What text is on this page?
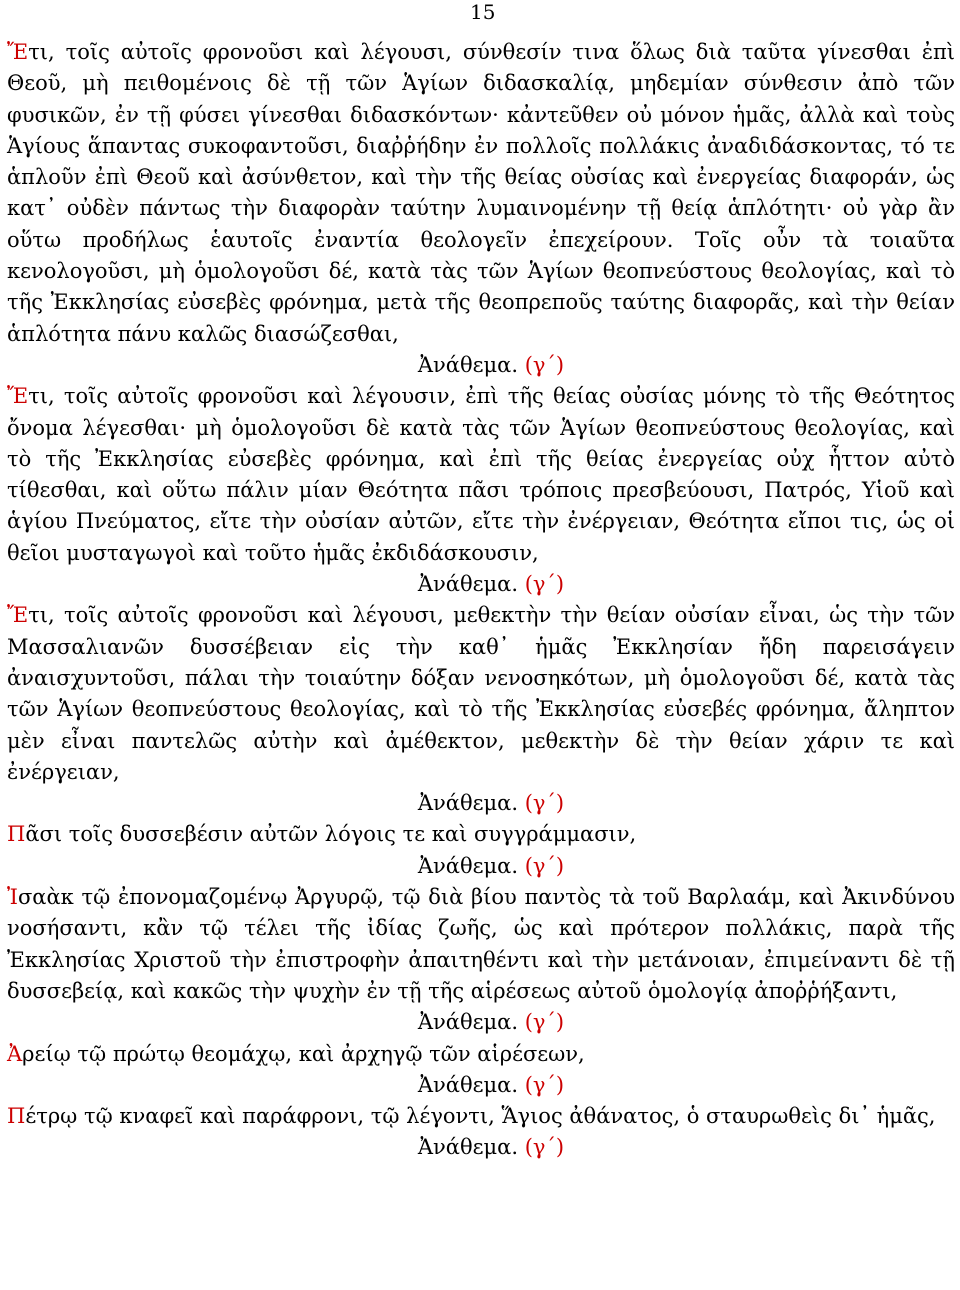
15

Ἔτι, τοῖς αὐτοῖς φρονοῦσι καὶ λέγουσι, σύνθεσίν τινα ὅλως διὰ ταῦτα γίνεσθαι ἐπὶ Θεοῦ, μὴ πειθομένοις δὲ τῇ τῶν Ἁγίων διδασκαλίᾳ, μηδεμίαν σύνθεσιν ἀπὸ τῶν φυσικῶν, ἐν τῇ φύσει γίνεσθαι διδασκόντων· κἀντεῦθεν οὐ μόνον ἡμᾶς, ἀλλὰ καὶ τοὺς Ἁγίους ἅπαντας συκοφαντοῦσι, διαῤῥήδην ἐν πολλοῖς πολλάκις ἀναδιδάσκοντας, τό τε ἁπλοῦν ἐπὶ Θεοῦ καὶ ἀσύνθετον, καὶ τὴν τῆς θείας οὐσίας καὶ ἐνεργείας διαφοράν, ὡς κατ᾽ οὐδὲν πάντως τὴν διαφορὰν ταύτην λυμαινομένην τῇ θείᾳ ἁπλότητι· οὐ γὰρ ἂν οὕτω προδήλως ἑαυτοῖς ἐναντία θεολογεῖν ἐπεχείρουν. Τοῖς οὖν τὰ τοιαῦτα κενολογοῦσι, μὴ ὁμολογοῦσι δέ, κατὰ τὰς τῶν Ἁγίων θεοπνεύστους θεολογίας, καὶ τὸ τῆς Ἐκκλησίας εὐσεβὲς φρόνημα, μετὰ τῆς θεοπρεποῦς ταύτης διαφορᾶς, καὶ τὴν θείαν ἁπλότητα πάνυ καλῶς διασώζεσθαι,

Ἀνάθεμα. (γ´)

Ἔτι, τοῖς αὐτοῖς φρονοῦσι καὶ λέγουσιν, ἐπὶ τῆς θείας οὐσίας μόνης τὸ τῆς Θεότητος ὄνομα λέγεσθαι· μὴ ὁμολογοῦσι δὲ κατὰ τὰς τῶν Ἁγίων θεοπνεύστους θεολογίας, καὶ τὸ τῆς Ἐκκλησίας εὐσεβὲς φρόνημα, καὶ ἐπὶ τῆς θείας ἐνεργείας οὐχ ἧττον αὐτὸ τίθεσθαι, καὶ οὕτω πάλιν μίαν Θεότητα πᾶσι τρόποις πρεσβεύουσι, Πατρός, Υἱοῦ καὶ ἁγίου Πνεύματος, εἴτε τὴν οὐσίαν αὐτῶν, εἴτε τὴν ἐνέργειαν, Θεότητα εἴποι τις, ὡς οἱ θεῖοι μυσταγωγοὶ καὶ τοῦτο ἡμᾶς ἐκδιδάσκουσιν,

Ἀνάθεμα. (γ´)

Ἔτι, τοῖς αὐτοῖς φρονοῦσι καὶ λέγουσι, μεθεκτὴν τὴν θείαν οὐσίαν εἶναι, ὡς τὴν τῶν Μασσαλιανῶν δυσσέβειαν εἰς τὴν καθ᾽ ἡμᾶς Ἐκκλησίαν ἤδη παρεισάγειν ἀναισχυντοῦσι, πάλαι τὴν τοιαύτην δόξαν νενοσηκότων, μὴ ὁμολογοῦσι δέ, κατὰ τὰς τῶν Ἁγίων θεοπνεύστους θεολογίας, καὶ τὸ τῆς Ἐκκλησίας εὐσεβές φρόνημα, ἄληπτον μὲν εἶναι παντελῶς αὐτὴν καὶ ἀμέθεκτον, μεθεκτὴν δὲ τὴν θείαν χάριν τε καὶ ἐνέργειαν,

Ἀνάθεμα. (γ´)

Πᾶσι τοῖς δυσσεβέσιν αὐτῶν λόγοις τε καὶ συγγράμμασιν,

Ἀνάθεμα. (γ´)

Ἰσαὰκ τῷ ἐπονομαζομένῳ Ἀργυρῷ, τῷ διὰ βίου παντὸς τὰ τοῦ Βαρλαάμ, καὶ Ἀκινδύνου νοσήσαντι, κἂν τῷ τέλει τῆς ἰδίας ζωῆς, ὡς καὶ πρότερον πολλάκις, παρὰ τῆς Ἐκκλησίας Χριστοῦ τὴν ἐπιστροφὴν ἀπαιτηθέντι καὶ τὴν μετάνοιαν, ἐπιμείναντι δὲ τῇ δυσσεβείᾳ, καὶ κακῶς τὴν ψυχὴν ἐν τῇ τῆς αἱρέσεως αὐτοῦ ὁμολογίᾳ ἀποῤῥήξαντι,

Ἀνάθεμα. (γ´)

Ἀρείῳ τῷ πρώτῳ θεομάχῳ, καὶ ἀρχηγῷ τῶν αἱρέσεων,

Ἀνάθεμα. (γ´)

Πέτρῳ τῷ κναφεῖ καὶ παράφρονι, τῷ λέγοντι, Ἅγιος ἀθάνατος, ὁ σταυρωθεὶς δι᾽ ἡμᾶς,

Ἀνάθεμα. (γ´)
